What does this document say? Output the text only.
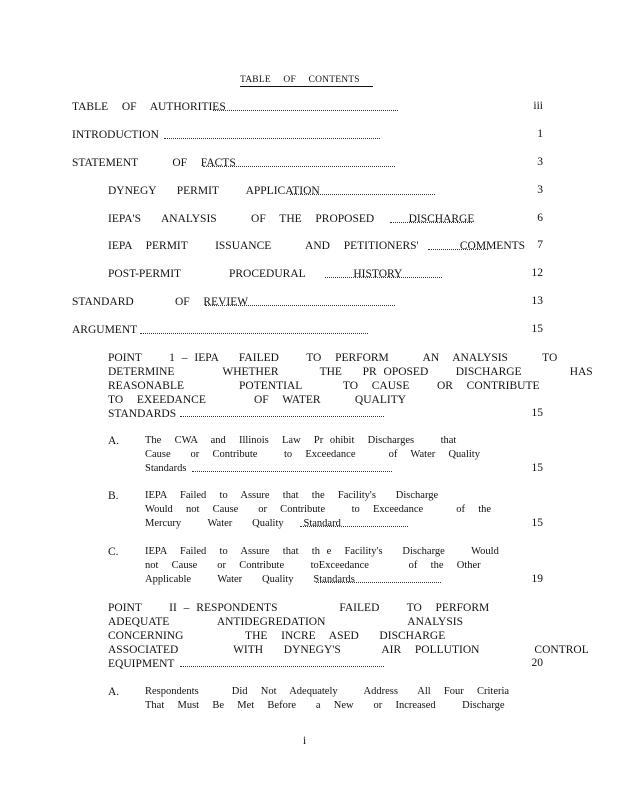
TABLE OF CONTENTS
TABLE  OF  AUTHORITIES	iii
INTRODUCTION	1
STATEMENT     OF  FACTS	3
DYNEGY   PERMIT    APPLICATION	3
IEPA'S   ANALYSIS     OF  THE  PROPOSED     DISCHARGE	6
IEPA  PERMIT    ISSUANCE     AND  PETITIONERS'      COMMENTS	7
POST-PERMIT       PROCEDURAL       HISTORY	12
STANDARD      OF  REVIEW	13
ARGUMENT	15
POINT    1 – IEPA   FAILED    TO  PERFORM     AN  ANALYSIS     TO
DETERMINE       WHETHER      THE   PR OPOSED    DISCHARGE       HAS
REASONABLE        POTENTIAL      TO  CAUSE    OR  CONTRIBUTE
TO  EXEEDANCE       OF  WATER     QUALITY
STANDARDS	15
A. The  CWA  and  Illinois  Law  Pr ohibit  Discharges    that
Cause   or  Contribute    to  Exceedance     of  Water  Quality
Standards	15
B.	IEPA  Failed  to  Assure  that  the  Facility's   Discharge
Would  not  Cause   or  Contribute    to  Exceedance     of  the
Mercury    Water   Quality   Standard	15
C.	IEPA  Failed  to  Assure  that  th e  Facility's   Discharge    Would
not  Cause   or  Contribute    toExceedance      of  the  Other
Applicable    Water   Quality   Standards	19
POINT    II – RESPONDENTS         FAILED    TO  PERFORM
ADEQUATE       ANTIDEGREDATION            ANALYSIS
CONCERNING         THE  INCRE  ASED   DISCHARGE
ASSOCIATED        WITH   DYNEGY'S      AIR  POLLUTION        CONTROL
EQUIPMENT	20
A. Respondents     Did  Not  Adequately    Address   All  Four  Criteria
That  Must  Be  Met  Before   a  New   or  Increased    Discharge
i
